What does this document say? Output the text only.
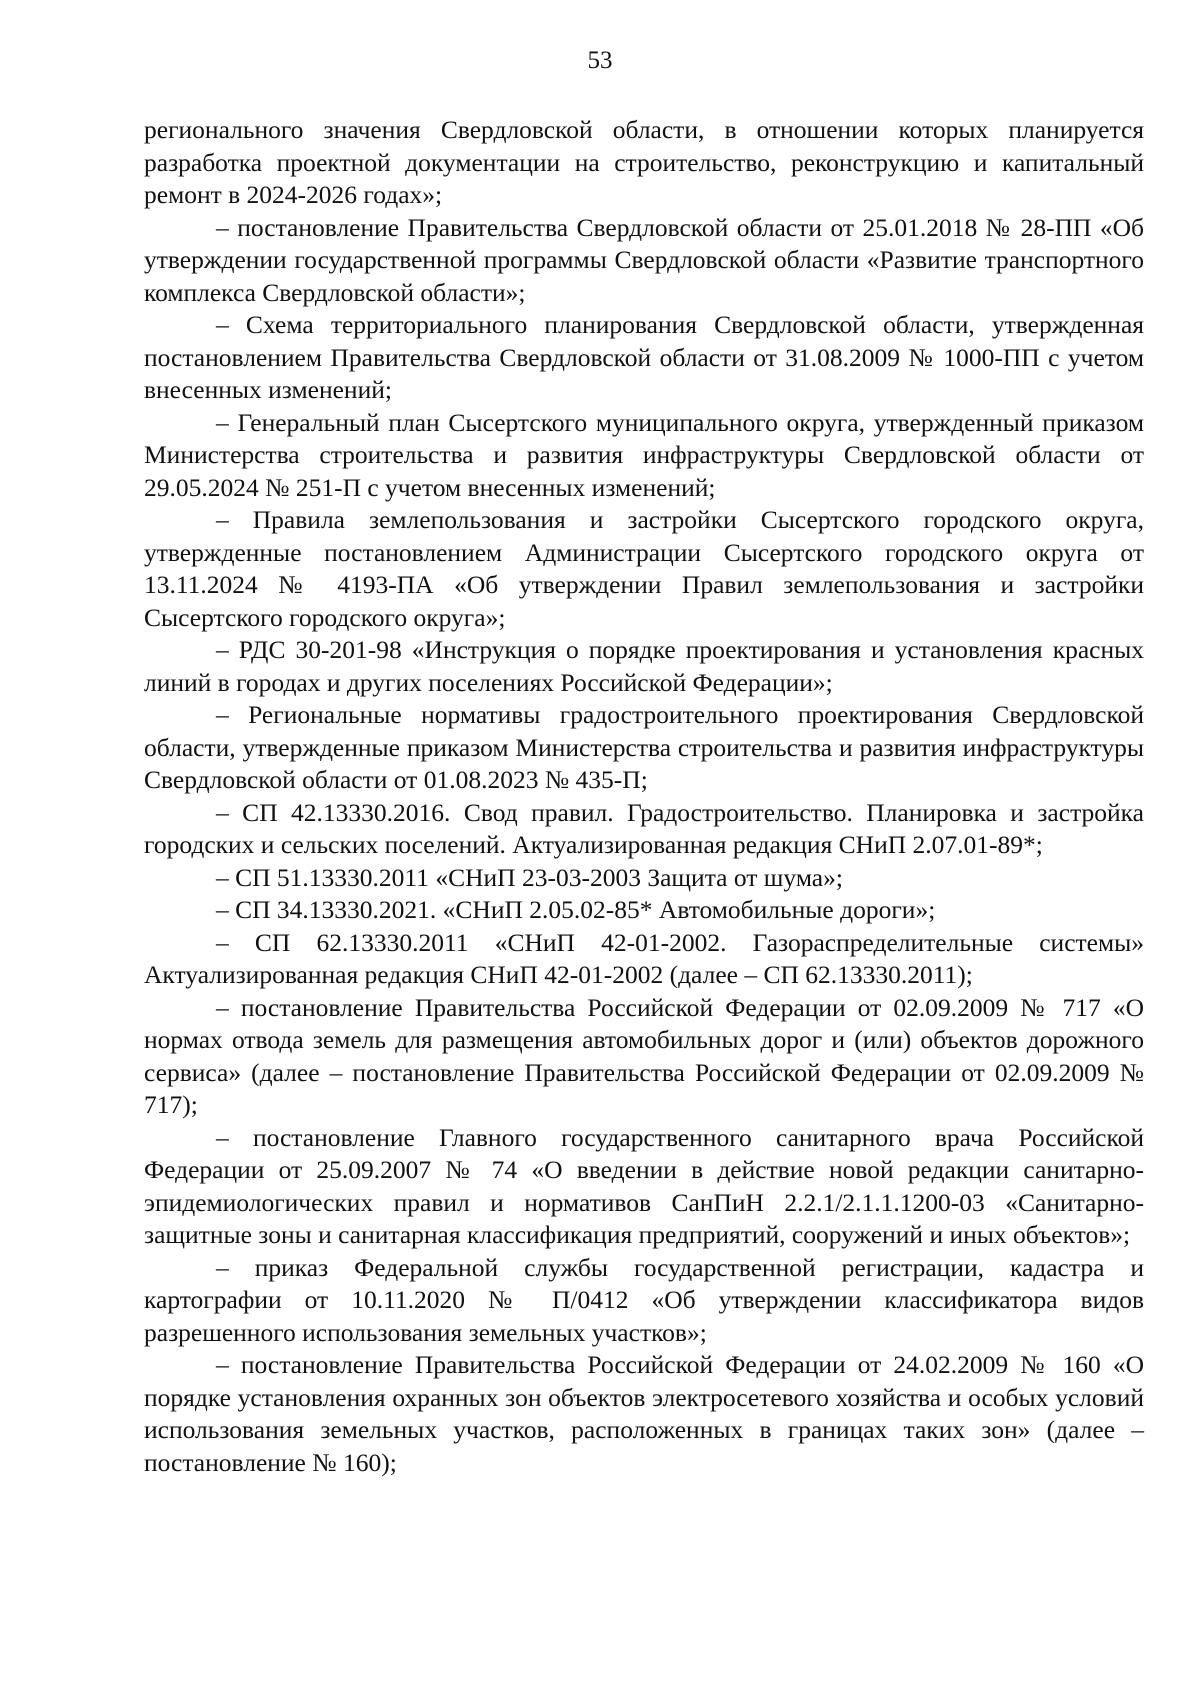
53

регионального значения Свердловской области, в отношении которых планируется разработка проектной документации на строительство, реконструкцию и капитальный ремонт в 2024-2026 годах»;

– постановление Правительства Свердловской области от 25.01.2018 № 28-ПП «Об утверждении государственной программы Свердловской области «Развитие транспортного комплекса Свердловской области»;

– Схема территориального планирования Свердловской области, утвержденная постановлением Правительства Свердловской области от 31.08.2009 № 1000-ПП с учетом внесенных изменений;

– Генеральный план Сысертского муниципального округа, утвержденный приказом Министерства строительства и развития инфраструктуры Свердловской области от 29.05.2024 № 251-П с учетом внесенных изменений;

– Правила землепользования и застройки Сысертского городского округа, утвержденные постановлением Администрации Сысертского городского округа от 13.11.2024 № 4193-ПА «Об утверждении Правил землепользования и застройки Сысертского городского округа»;

– РДС 30-201-98 «Инструкция о порядке проектирования и установления красных линий в городах и других поселениях Российской Федерации»;

– Региональные нормативы градостроительного проектирования Свердловской области, утвержденные приказом Министерства строительства и развития инфраструктуры Свердловской области от 01.08.2023 № 435-П;

– СП 42.13330.2016. Свод правил. Градостроительство. Планировка и застройка городских и сельских поселений. Актуализированная редакция СНиП 2.07.01-89*;

– СП 51.13330.2011 «СНиП 23-03-2003 Защита от шума»;

– СП 34.13330.2021. «СНиП 2.05.02-85* Автомобильные дороги»;

– СП 62.13330.2011 «СНиП 42-01-2002. Газораспределительные системы» Актуализированная редакция СНиП 42-01-2002 (далее – СП 62.13330.2011);

– постановление Правительства Российской Федерации от 02.09.2009 № 717 «О нормах отвода земель для размещения автомобильных дорог и (или) объектов дорожного сервиса» (далее – постановление Правительства Российской Федерации от 02.09.2009 № 717);

– постановление Главного государственного санитарного врача Российской Федерации от 25.09.2007 № 74 «О введении в действие новой редакции санитарно-эпидемиологических правил и нормативов СанПиН 2.2.1/2.1.1.1200-03 «Санитарно-защитные зоны и санитарная классификация предприятий, сооружений и иных объектов»;

– приказ Федеральной службы государственной регистрации, кадастра и картографии от 10.11.2020 № П/0412 «Об утверждении классификатора видов разрешенного использования земельных участков»;

– постановление Правительства Российской Федерации от 24.02.2009 № 160 «О порядке установления охранных зон объектов электросетевого хозяйства и особых условий использования земельных участков, расположенных в границах таких зон» (далее – постановление № 160);
